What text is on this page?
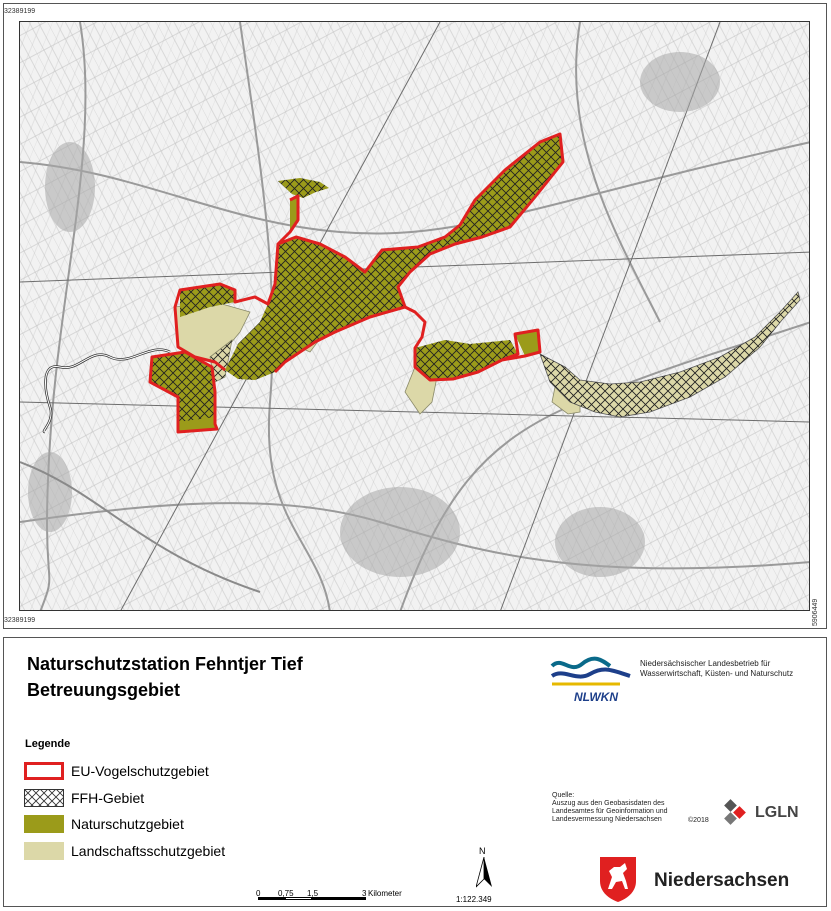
32389199
32389199	5906449
Naturschutzstation Fehntjer Tief
Betreuungsgebiet	NLWKN
Niedersächsischer Landesbetrieb für
Wasserwirtschaft, Küsten- und Naturschutz
Legende
EU-Vogelschutzgebiet
FFH-Gebiet
Naturschutzgebiet
Landschaftsschutzgebiet
Quelle:
Auszug aus den Geobasisdaten des
Landesamtes für Geoinformation und
Landesvermessung Niedersachsen	©2018	LGLN
0 0,75 1,5	3 Kilometer
N
1:122.349
Niedersachsen
